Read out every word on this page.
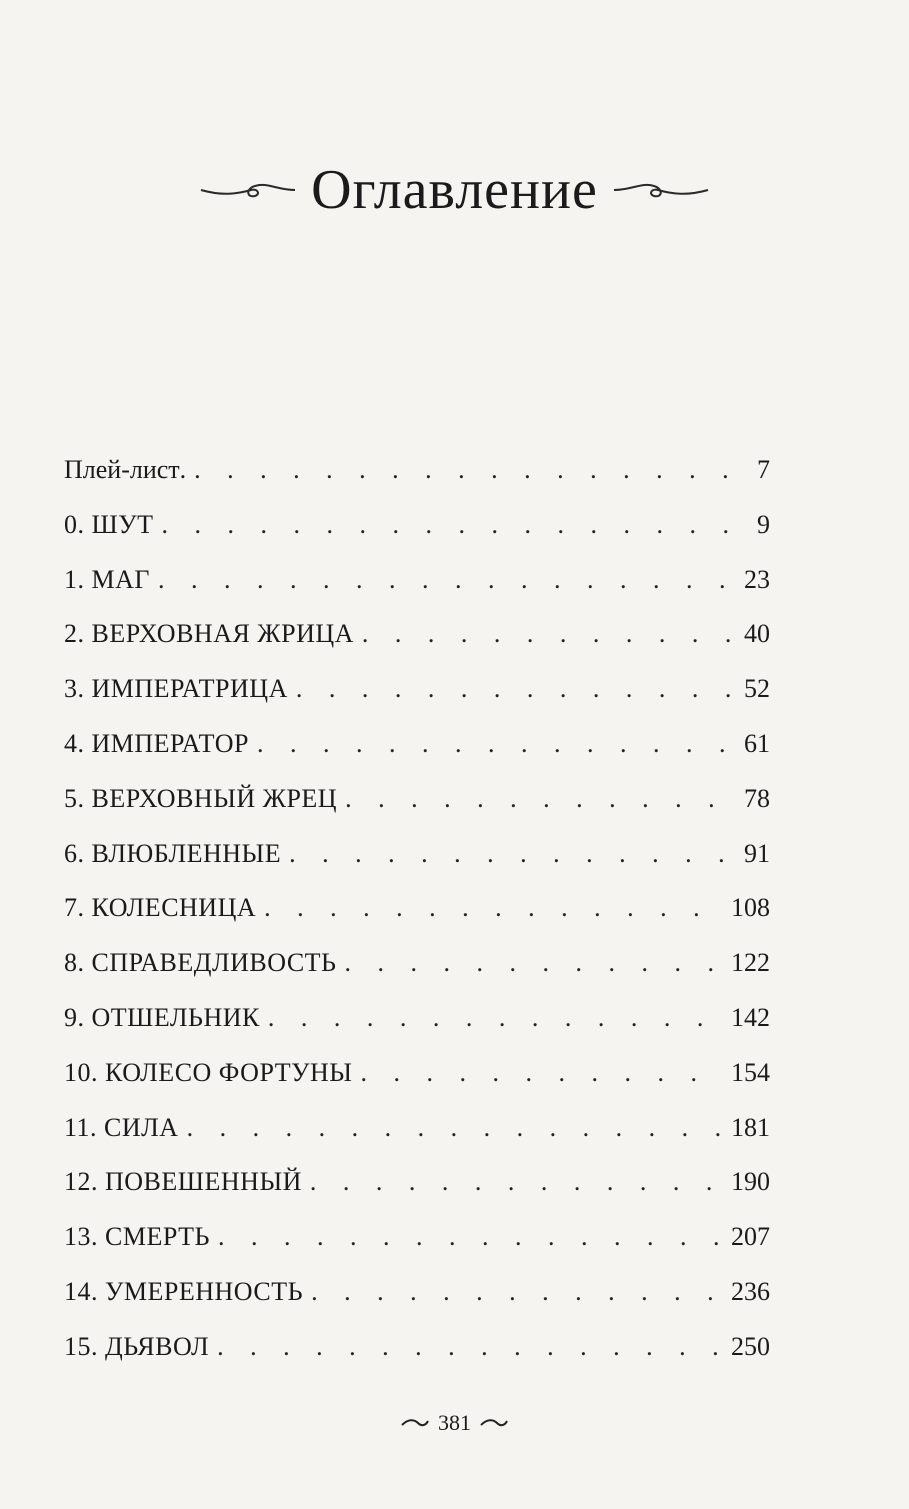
Оглавление
Плей-лист . . . .	7
0. ШУТ . . .	9
1. МАГ . . .	23
2. ВЕРХОВНАЯ ЖРИЦА . . .	40
3. ИМПЕРАТРИЦА . . .	52
4. ИМПЕРАТОР . . .	61
5. ВЕРХОВНЫЙ ЖРЕЦ . . .	78
6. ВЛЮБЛЕННЫЕ . . .	91
7. КОЛЕСНИЦА . . .	108
8. СПРАВЕДЛИВОСТЬ . . .	122
9. ОТШЕЛЬНИК . . .	142
10. КОЛЕСО ФОРТУНЫ . . .	154
11. СИЛА . . .	181
12. ПОВЕШЕННЫЙ . . .	190
13. СМЕРТЬ . . .	207
14. УМЕРЕННОСТЬ . . .	236
15. ДЬЯВОЛ . . .	250
381
